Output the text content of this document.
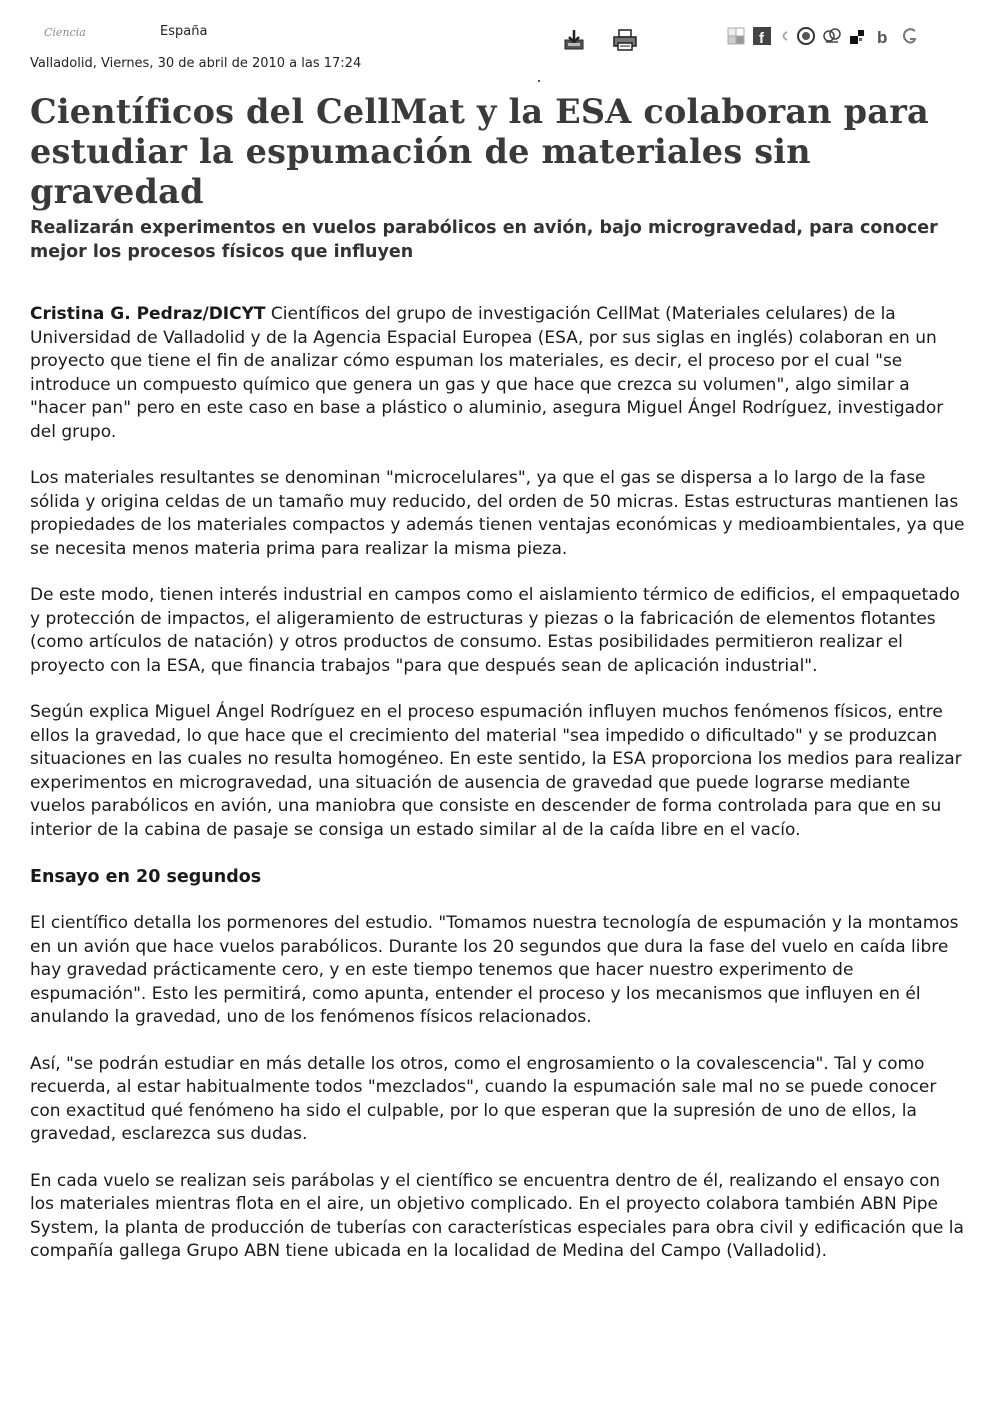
Ciencia	España
Valladolid, Viernes, 30 de abril de 2010 a las 17:24
f	b
Científicos del CellMat y la ESA colaboran para estudiar la espumación de materiales sin gravedad
Realizarán experimentos en vuelos parabólicos en avión, bajo microgravedad, para conocer mejor los procesos físicos que influyen

Cristina G. Pedraz/DICYT Científicos del grupo de investigación CellMat (Materiales celulares) de la Universidad de Valladolid y de la Agencia Espacial Europea (ESA, por sus siglas en inglés) colaboran en un proyecto que tiene el fin de analizar cómo espuman los materiales, es decir, el proceso por el cual "se introduce un compuesto químico que genera un gas y que hace que crezca su volumen", algo similar a "hacer pan" pero en este caso en base a plástico o aluminio, asegura Miguel Ángel Rodríguez, investigador del grupo.

Los materiales resultantes se denominan "microcelulares", ya que el gas se dispersa a lo largo de la fase sólida y origina celdas de un tamaño muy reducido, del orden de 50 micras. Estas estructuras mantienen las propiedades de los materiales compactos y además tienen ventajas económicas y medioambientales, ya que se necesita menos materia prima para realizar la misma pieza.

De este modo, tienen interés industrial en campos como el aislamiento térmico de edificios, el empaquetado y protección de impactos, el aligeramiento de estructuras y piezas o la fabricación de elementos flotantes (como artículos de natación) y otros productos de consumo. Estas posibilidades permitieron realizar el proyecto con la ESA, que financia trabajos "para que después sean de aplicación industrial".

Según explica Miguel Ángel Rodríguez en el proceso espumación influyen muchos fenómenos físicos, entre ellos la gravedad, lo que hace que el crecimiento del material "sea impedido o dificultado" y se produzcan situaciones en las cuales no resulta homogéneo. En este sentido, la ESA proporciona los medios para realizar experimentos en microgravedad, una situación de ausencia de gravedad que puede lograrse mediante vuelos parabólicos en avión, una maniobra que consiste en descender de forma controlada para que en su interior de la cabina de pasaje se consiga un estado similar al de la caída libre en el vacío.

Ensayo en 20 segundos

El científico detalla los pormenores del estudio. "Tomamos nuestra tecnología de espumación y la montamos en un avión que hace vuelos parabólicos. Durante los 20 segundos que dura la fase del vuelo en caída libre hay gravedad prácticamente cero, y en este tiempo tenemos que hacer nuestro experimento de espumación". Esto les permitirá, como apunta, entender el proceso y los mecanismos que influyen en él anulando la gravedad, uno de los fenómenos físicos relacionados.

Así, "se podrán estudiar en más detalle los otros, como el engrosamiento o la covalescencia". Tal y como recuerda, al estar habitualmente todos "mezclados", cuando la espumación sale mal no se puede conocer con exactitud qué fenómeno ha sido el culpable, por lo que esperan que la supresión de uno de ellos, la gravedad, esclarezca sus dudas.

En cada vuelo se realizan seis parábolas y el científico se encuentra dentro de él, realizando el ensayo con los materiales mientras flota en el aire, un objetivo complicado. En el proyecto colabora también ABN Pipe System, la planta de producción de tuberías con características especiales para obra civil y edificación que la compañía gallega Grupo ABN tiene ubicada en la localidad de Medina del Campo (Valladolid).
